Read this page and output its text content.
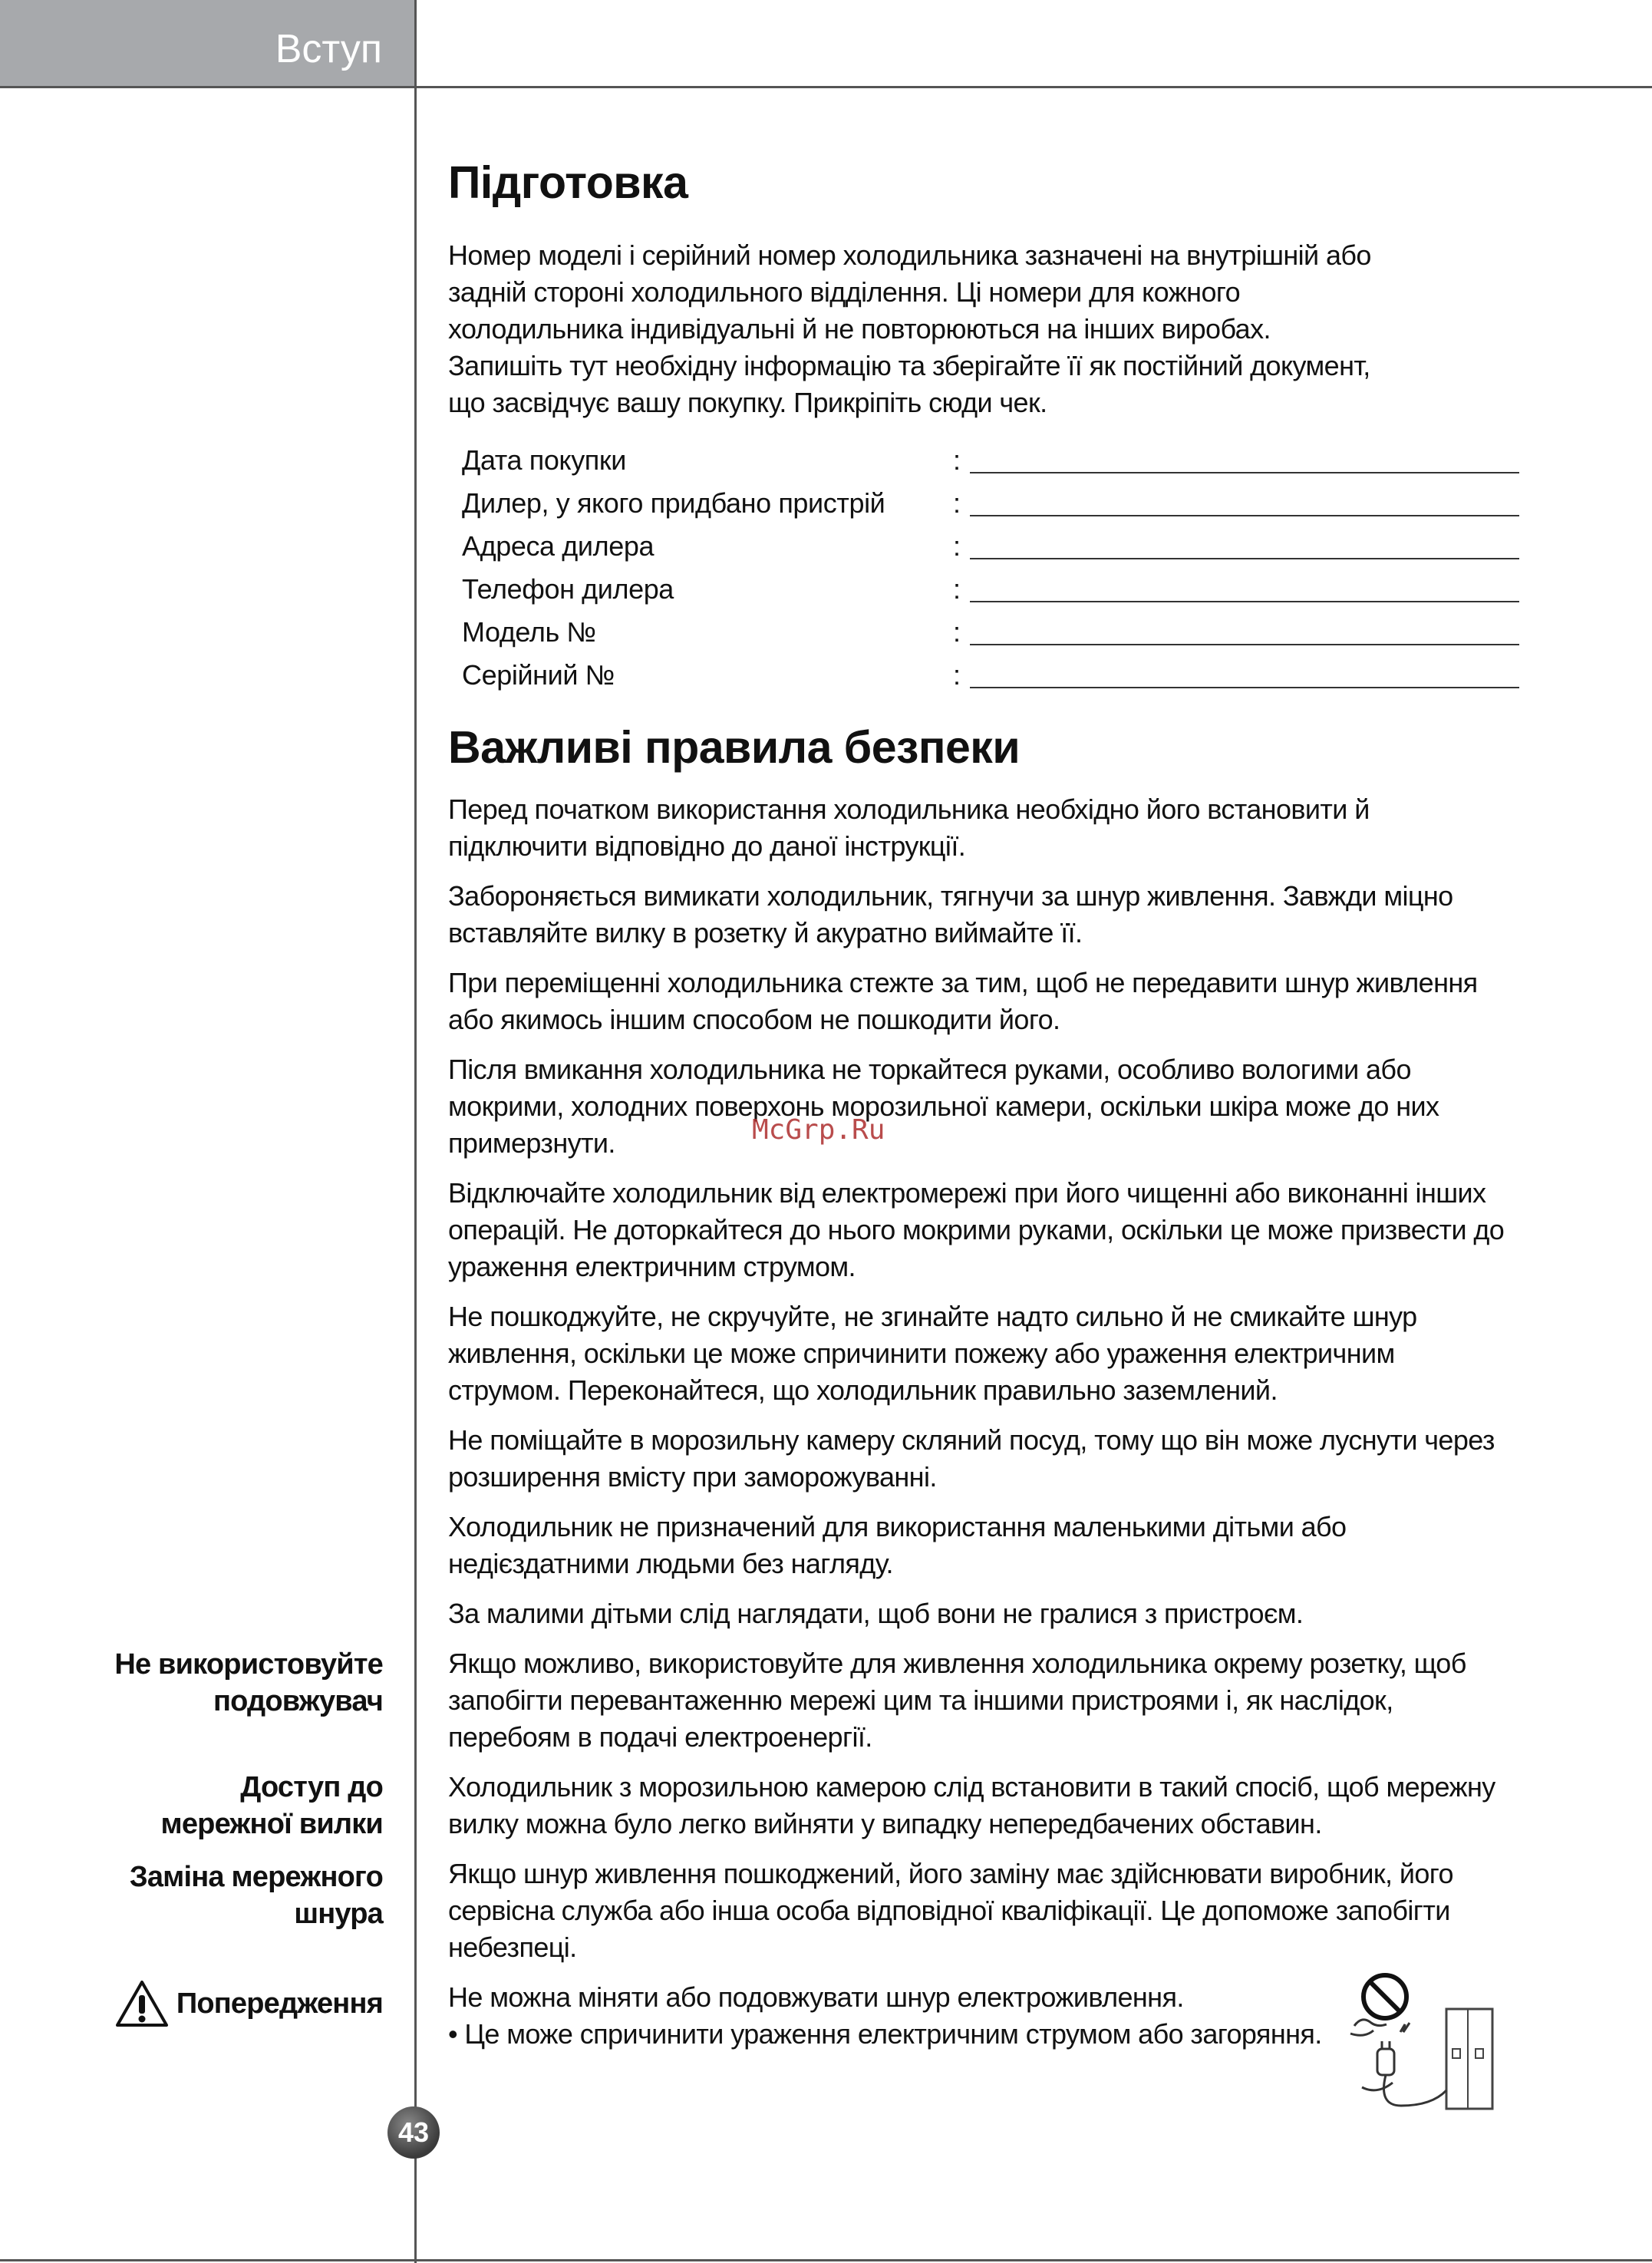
Вступ
Підготовка
Номер моделі і серійний номер холодильника зазначені на внутрішній або
задній стороні холодильного відділення. Ці номери для кожного
холодильника індивідуальні й не повторюються на інших виробах.
Запишіть тут необхідну інформацію та зберігайте її як постійний документ,
що засвідчує вашу покупку. Прикріпіть сюди чек.
Дата покупки	:
Дилер, у якого придбано пристрій :
Адреса дилера	:
Телефон дилера	:
Модель №	:
Серійний №	:
Важливі правила безпеки

Перед початком використання холодильника необхідно його встановити й підключити відповідно до даної інструкції.

Забороняється вимикати холодильник, тягнучи за шнур живлення. Завжди міцно вставляйте вилку в розетку й акуратно виймайте її.

При переміщенні холодильника стежте за тим, щоб не передавити шнур живлення або якимось іншим способом не пошкодити його.

Після вмикання холодильника не торкайтеся руками, особливо вологими або мокрими, холодних поверхонь морозильної камери, оскільки шкіра може до них примерзнути.

Відключайте холодильник від електромережі при його чищенні або виконанні інших операцій. Не доторкайтеся до нього мокрими руками, оскільки це може призвести до ураження електричним струмом.

Не пошкоджуйте, не скручуйте, не згинайте надто сильно й не смикайте шнур живлення, оскільки це може спричинити пожежу або ураження електричним струмом. Переконайтеся, що холодильник правильно заземлений.

Не поміщайте в морозильну камеру скляний посуд, тому що він може луснути через розширення вмісту при заморожуванні.

Холодильник не призначений для використання маленькими дітьми або недієздатними людьми без нагляду.

За малими дітьми слід наглядати, щоб вони не гралися з пристроєм.

Якщо можливо, використовуйте для живлення холодильника окрему розетку, щоб запобігти перевантаженню мережі цим та іншими пристроями і, як наслідок, перебоям в подачі електроенергії.

Холодильник з морозильною камерою слід встановити в такий спосіб, щоб мережну вилку можна було легко вийняти у випадку непередбачених обставин.

Якщо шнур живлення пошкоджений, його заміну має здійснювати виробник, його сервісна служба або інша особа відповідної кваліфікації. Це допоможе запобігти небезпеці.

Не можна міняти або подовжувати шнур електроживлення.
• Це може спричинити ураження електричним струмом або загоряння.

Не використовуйте
подовжувач
Доступ до
мережної вилки
Заміна мережного
шнура
Попередження
43
McGrp.Ru
